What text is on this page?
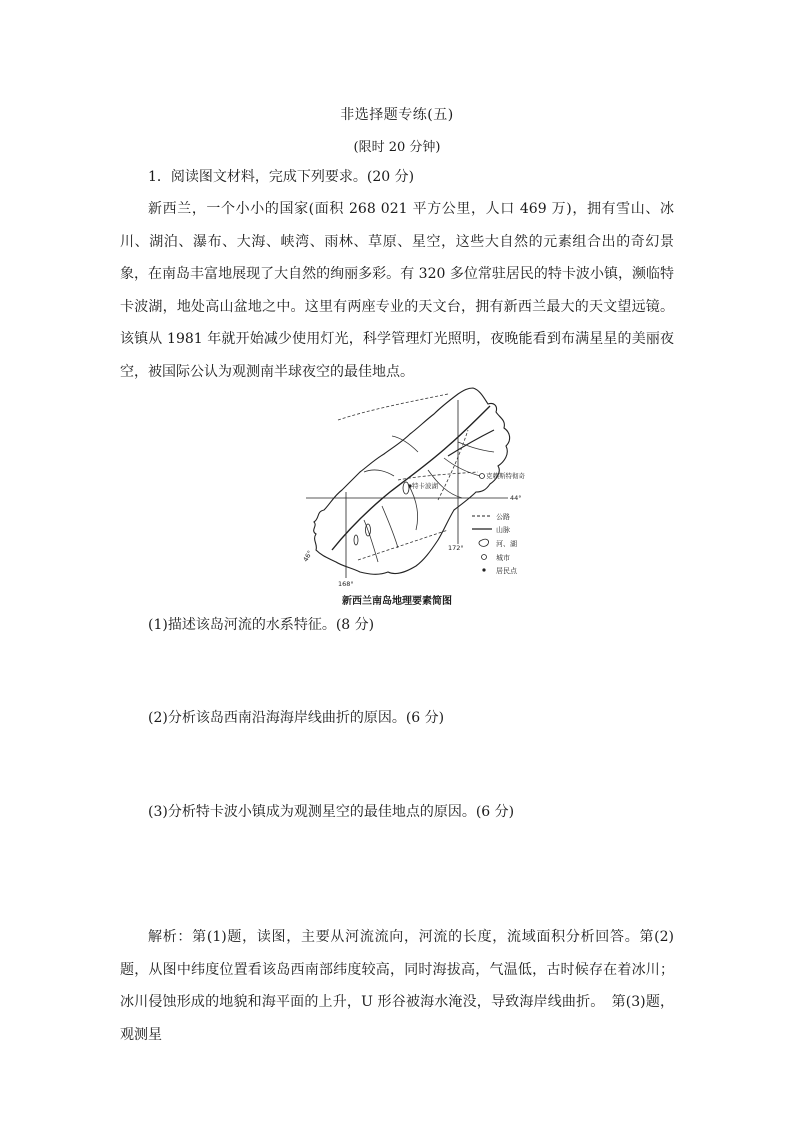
非选择题专练(五)
(限时 20 分钟)
1．阅读图文材料，完成下列要求。(20 分)

新西兰，一个小小的国家(面积 268 021 平方公里，人口 469 万)，拥有雪山、冰川、湖泊、瀑布、大海、峡湾、雨林、草原、星空，这些大自然的元素组合出的奇幻景象，在南岛丰富地展现了大自然的绚丽多彩。有 320 多位常驻居民的特卡波小镇，濒临特卡波湖，地处高山盆地之中。这里有两座专业的天文台，拥有新西兰最大的天文望远镜。该镇从 1981 年就开始减少使用灯光，科学管理灯光照明，夜晚能看到布满星星的美丽夜空，被国际公认为观测南半球夜空的最佳地点。

克赖斯特彻奇
特卡波湖
44°
172°
168°
46°
公路
山脉
河、湖
城市
居民点
新西兰南岛地理要素简图
(1)描述该岛河流的水系特征。(8 分)
(2)分析该岛西南沿海海岸线曲折的原因。(6 分)
(3)分析特卡波小镇成为观测星空的最佳地点的原因。(6 分)

解析：第(1)题，读图，主要从河流流向，河流的长度，流域面积分析回答。第(2)题，从图中纬度位置看该岛西南部纬度较高，同时海拔高，气温低，古时候存在着冰川；冰川侵蚀形成的地貌和海平面的上升，U 形谷被海水淹没，导致海岸线曲折。　第(3)题，观测星
